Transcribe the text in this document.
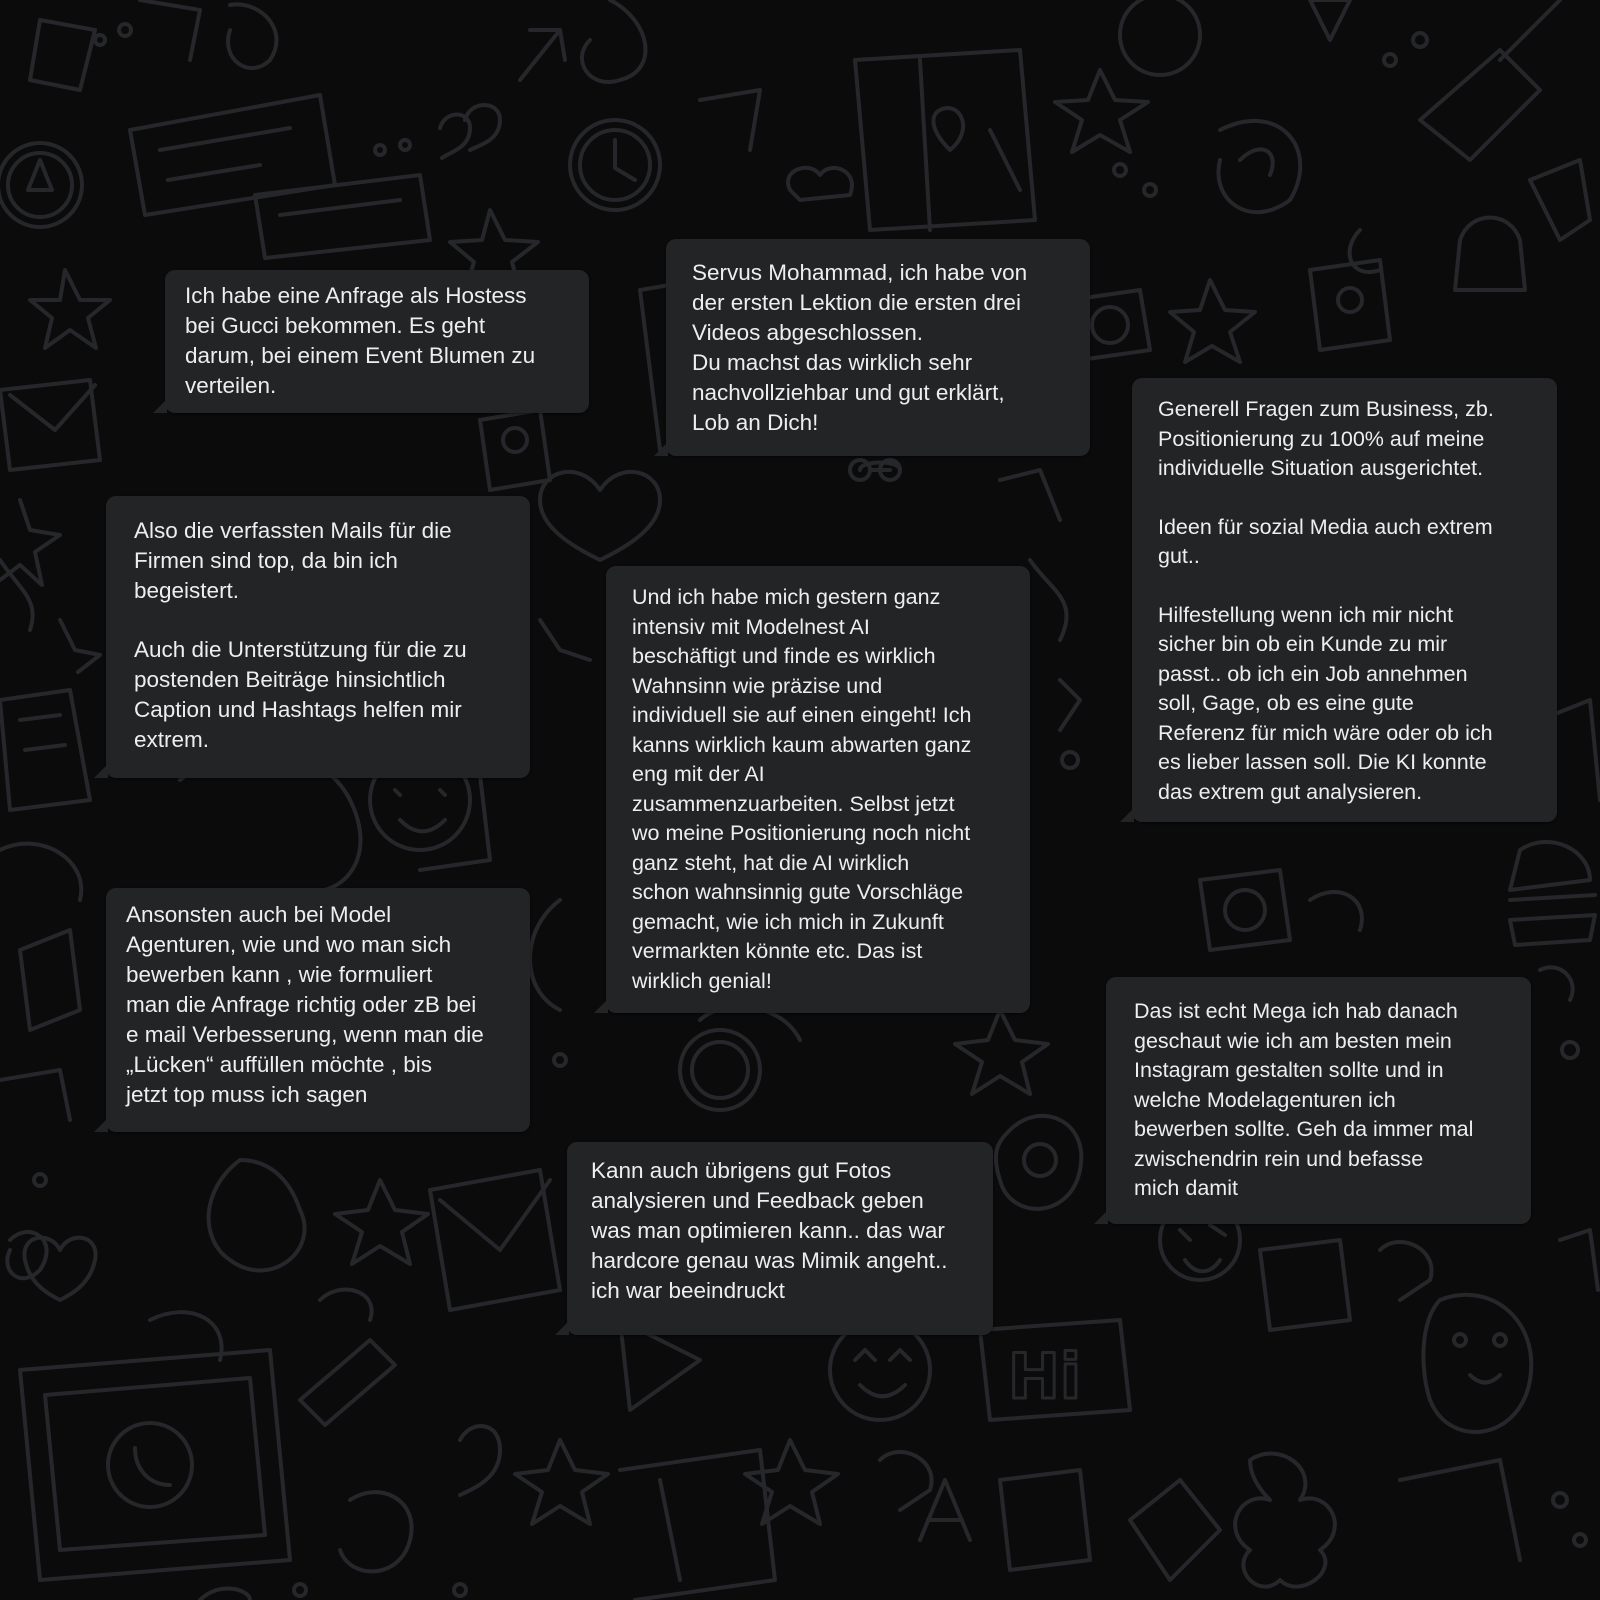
Hi
Ich habe eine Anfrage als Hostess
bei Gucci bekommen. Es geht
darum, bei einem Event Blumen zu
verteilen.
Servus Mohammad, ich habe von
der ersten Lektion die ersten drei
Videos abgeschlossen.
Du machst das wirklich sehr
nachvollziehbar und gut erklärt,
Lob an Dich!
Generell Fragen zum Business, zb.
Positionierung zu 100% auf meine
individuelle Situation ausgerichtet.
Ideen für sozial Media auch extrem
gut..
Hilfestellung wenn ich mir nicht
sicher bin ob ein Kunde zu mir
passt.. ob ich ein Job annehmen
soll, Gage, ob es eine gute
Referenz für mich wäre oder ob ich
es lieber lassen soll. Die KI konnte
das extrem gut analysieren.
Also die verfassten Mails für die
Firmen sind top, da bin ich
begeistert.
Auch die Unterstützung für die zu
postenden Beiträge hinsichtlich
Caption und Hashtags helfen mir
extrem.
Und ich habe mich gestern ganz
intensiv mit Modelnest AI
beschäftigt und finde es wirklich
Wahnsinn wie präzise und
individuell sie auf einen eingeht! Ich
kanns wirklich kaum abwarten ganz
eng mit der AI
zusammenzuarbeiten. Selbst jetzt
wo meine Positionierung noch nicht
ganz steht, hat die AI wirklich
schon wahnsinnig gute Vorschläge
gemacht, wie ich mich in Zukunft
vermarkten könnte etc. Das ist
wirklich genial!
Ansonsten auch bei Model
Agenturen, wie und wo man sich
bewerben kann , wie formuliert
man die Anfrage richtig oder zB bei
e mail Verbesserung, wenn man die
„Lücken“ auffüllen möchte , bis
jetzt top muss ich sagen
Das ist echt Mega ich hab danach
geschaut wie ich am besten mein
Instagram gestalten sollte und in
welche Modelagenturen ich
bewerben sollte. Geh da immer mal
zwischendrin rein und befasse
mich damit
Kann auch übrigens gut Fotos
analysieren und Feedback geben
was man optimieren kann.. das war
hardcore genau was Mimik angeht..
ich war beeindruckt
